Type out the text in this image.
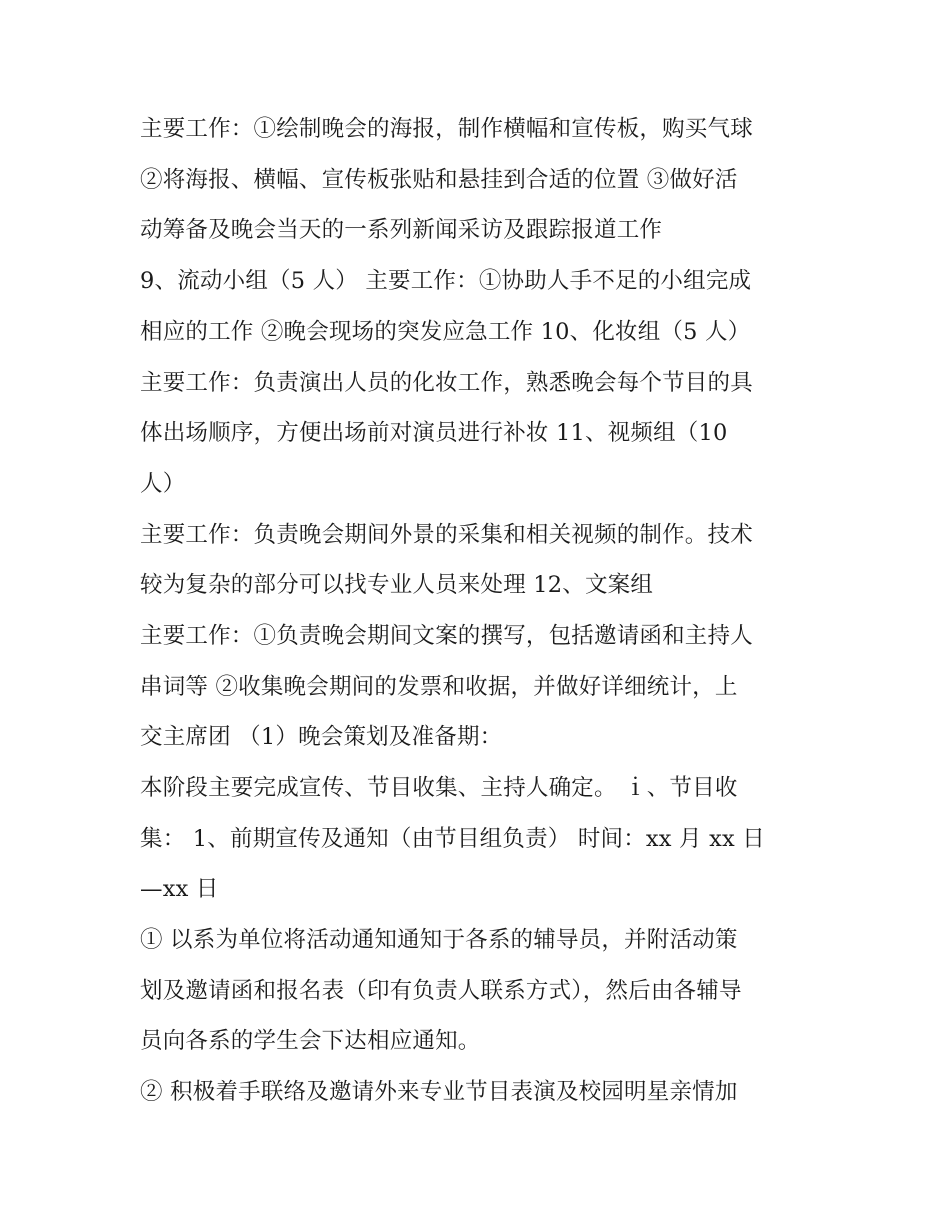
主要工作：①绘制晚会的海报，制作横幅和宣传板，购买气球
②将海报、横幅、宣传板张贴和悬挂到合适的位置 ③做好活
动筹备及晚会当天的一系列新闻采访及跟踪报道工作
9、流动小组（5 人） 主要工作：①协助人手不足的小组完成
相应的工作 ②晚会现场的突发应急工作 10、化妆组（5 人）
主要工作：负责演出人员的化妆工作，熟悉晚会每个节目的具
体出场顺序，方便出场前对演员进行补妆 11、视频组（10
人）
主要工作：负责晚会期间外景的采集和相关视频的制作。技术
较为复杂的部分可以找专业人员来处理 12、文案组
主要工作：①负责晚会期间文案的撰写，包括邀请函和主持人
串词等 ②收集晚会期间的发票和收据，并做好详细统计，上
交主席团 （1）晚会策划及准备期：
本阶段主要完成宣传、节目收集、主持人确定。 ｉ、节目收
集： 1、前期宣传及通知（由节目组负责） 时间：xx 月 xx 日
—xx 日
① 以系为单位将活动通知通知于各系的辅导员，并附活动策
划及邀请函和报名表（印有负责人联系方式），然后由各辅导
员向各系的学生会下达相应通知。
② 积极着手联络及邀请外来专业节目表演及校园明星亲情加
